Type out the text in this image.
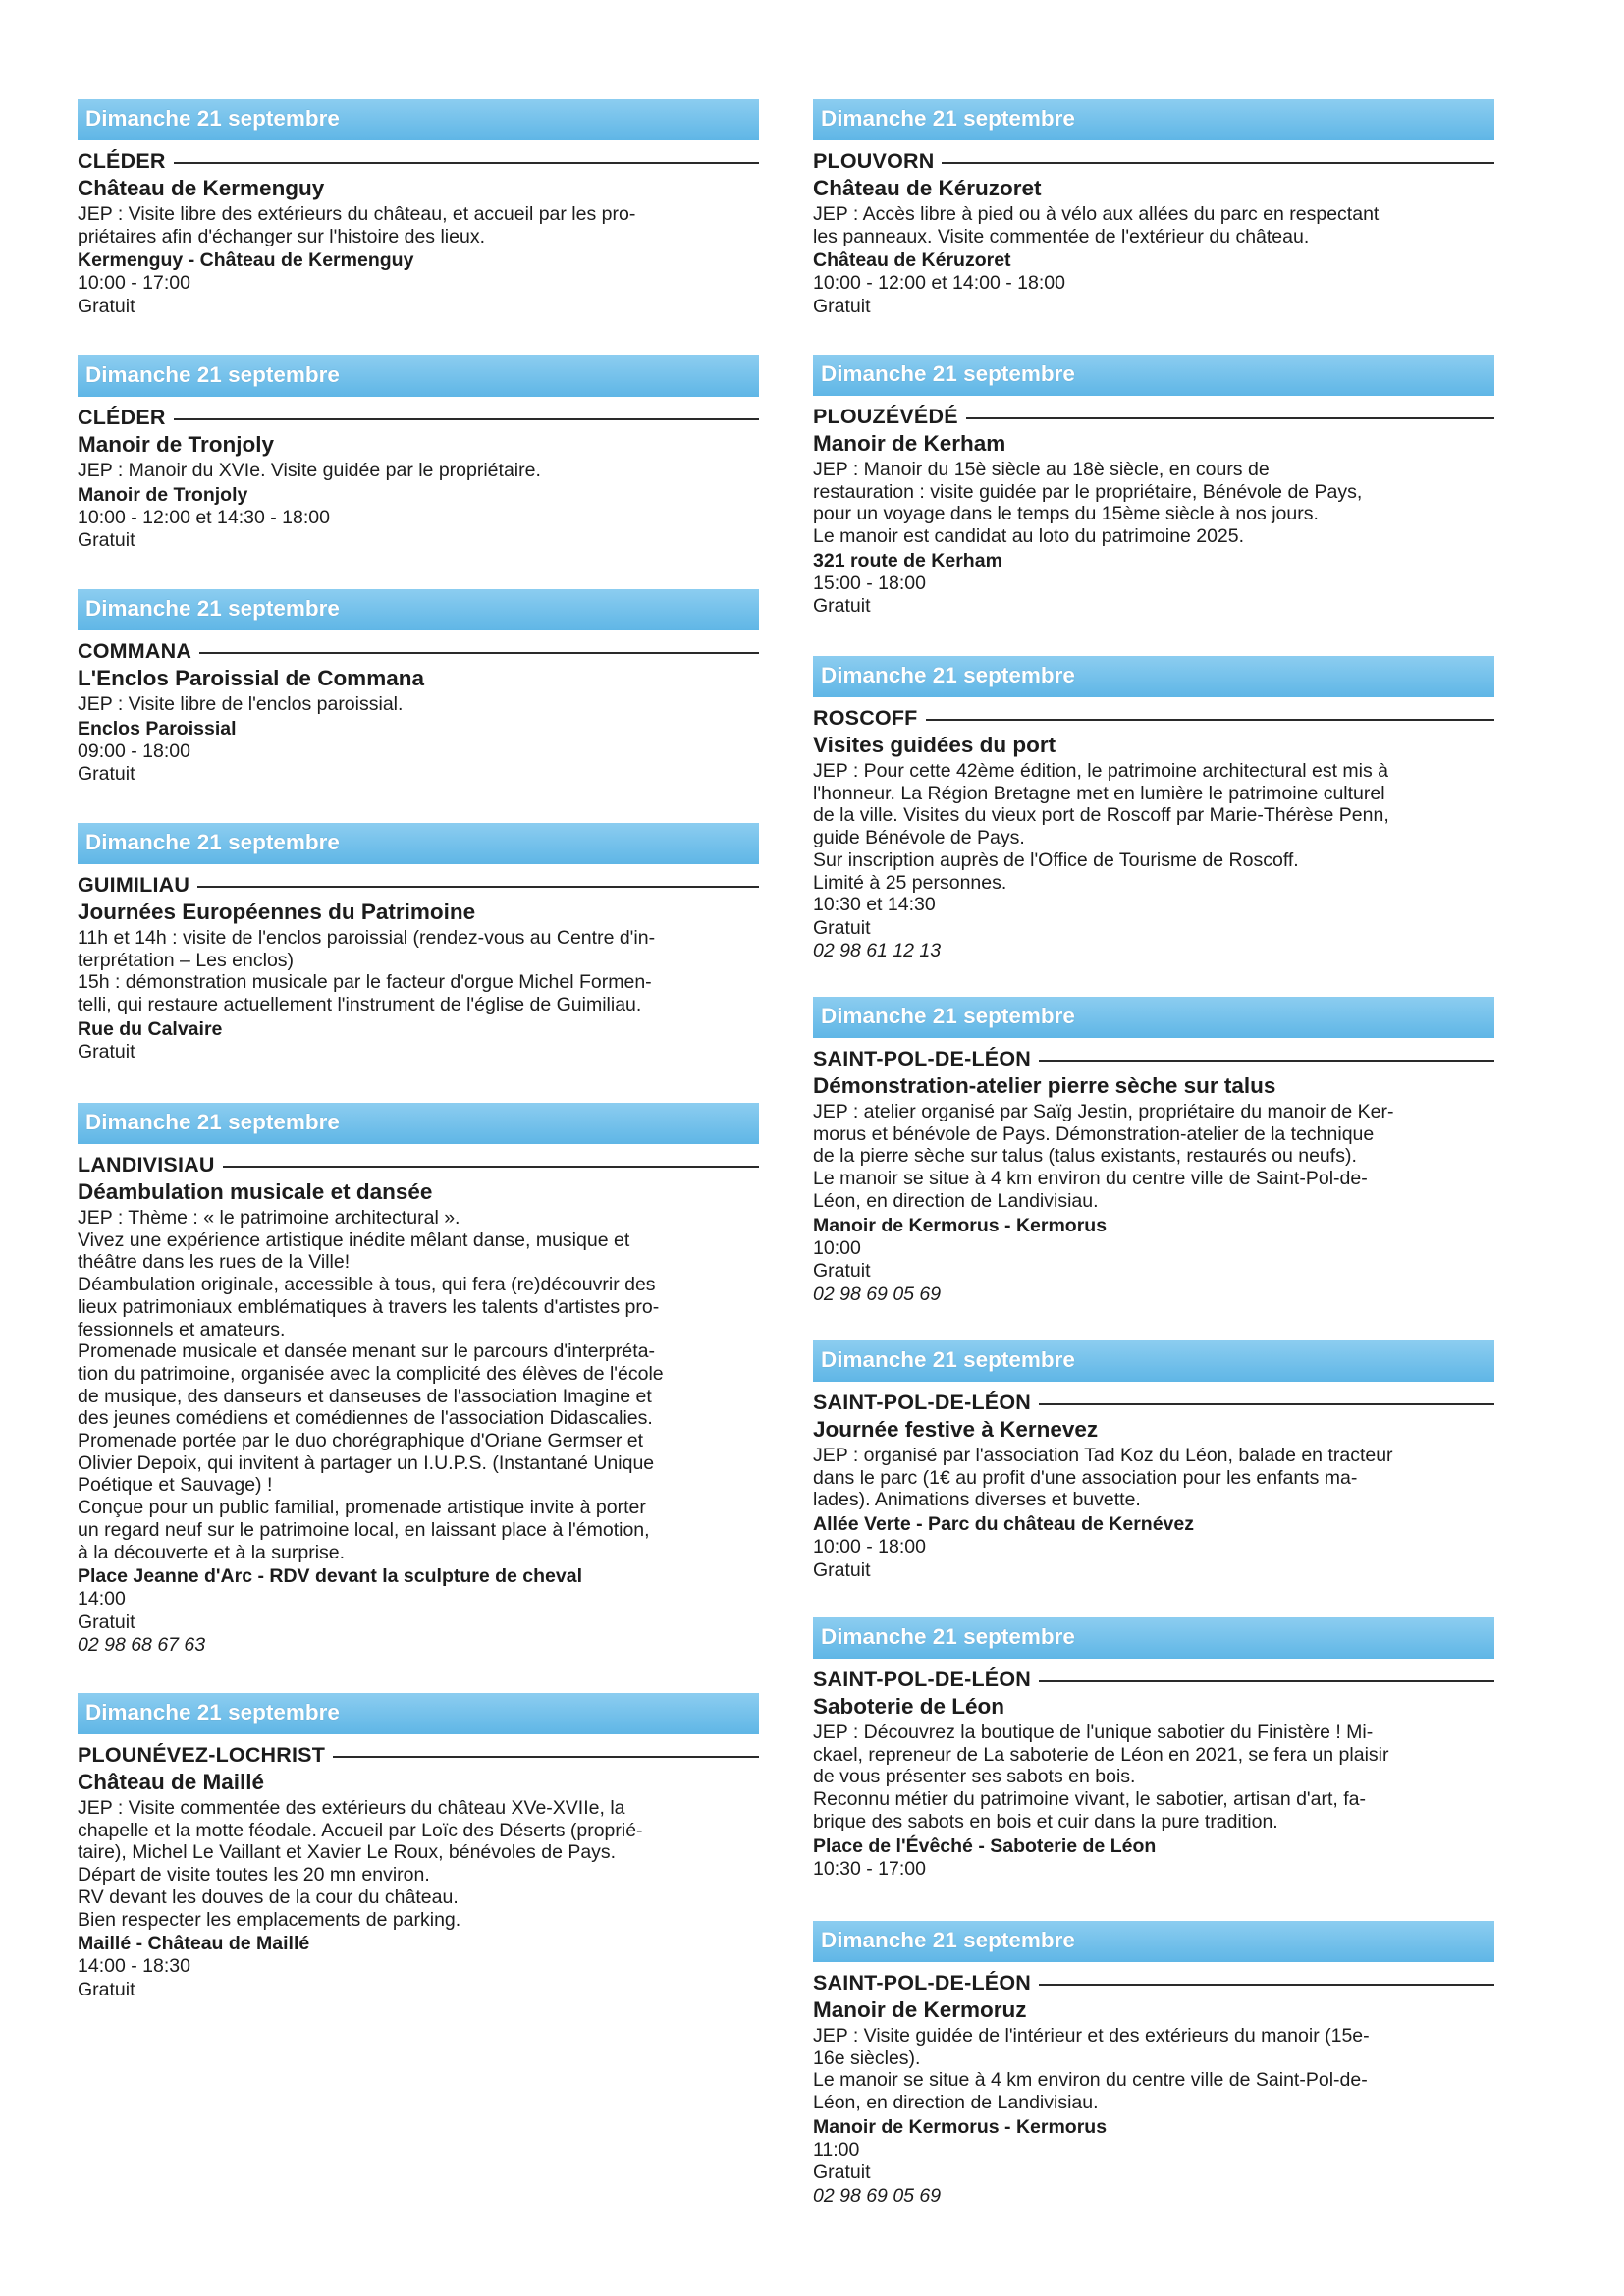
Dimanche 21 septembre
CLÉDER
Château de Kermenguy
JEP : Visite libre des extérieurs du château, et accueil par les pro-
priétaires afin d'échanger sur l'histoire des lieux.
Kermenguy - Château de Kermenguy
10:00 - 17:00
Gratuit
Dimanche 21 septembre
CLÉDER
Manoir de Tronjoly
JEP : Manoir du XVIe. Visite guidée par le propriétaire.
Manoir de Tronjoly
10:00 - 12:00 et 14:30 - 18:00
Gratuit
Dimanche 21 septembre
COMMANA
L'Enclos Paroissial de Commana
JEP : Visite libre de l'enclos paroissial.
Enclos Paroissial
09:00 - 18:00
Gratuit
Dimanche 21 septembre
GUIMILIAU
Journées Européennes du Patrimoine
11h et 14h : visite de l'enclos paroissial (rendez-vous au Centre d'in-
terprétation – Les enclos)
15h : démonstration musicale par le facteur d'orgue Michel Formen-
telli, qui restaure actuellement l'instrument de l'église de Guimiliau.
Rue du Calvaire
Gratuit
Dimanche 21 septembre
LANDIVISIAU
Déambulation musicale et dansée
JEP : Thème : « le patrimoine architectural ».
Vivez une expérience artistique inédite mêlant danse, musique et
théâtre dans les rues de la Ville!
Déambulation originale, accessible à tous, qui fera (re)découvrir des
lieux patrimoniaux emblématiques à travers les talents d'artistes pro-
fessionnels et amateurs.
Promenade musicale et dansée menant sur le parcours d'interpréta-
tion du patrimoine, organisée avec la complicité des élèves de l'école
de musique, des danseurs et danseuses de l'association Imagine et
des jeunes comédiens et comédiennes de l'association Didascalies.
Promenade portée par le duo chorégraphique d'Oriane Germser et
Olivier Depoix, qui invitent à partager un I.U.P.S. (Instantané Unique
Poétique et Sauvage) !
Conçue pour un public familial, promenade artistique invite à porter
un regard neuf sur le patrimoine local, en laissant place à l'émotion,
à la découverte et à la surprise.
Place Jeanne d'Arc - RDV devant la sculpture de cheval
14:00
Gratuit
02 98 68 67 63
Dimanche 21 septembre
PLOUNÉVEZ-LOCHRIST
Château de Maillé
JEP : Visite commentée des extérieurs du château XVe-XVIIe, la
chapelle et la motte féodale. Accueil par Loïc des Déserts (proprié-
taire), Michel Le Vaillant et Xavier Le Roux, bénévoles de Pays.
Départ de visite toutes les 20 mn environ.
RV devant les douves de la cour du château.
Bien respecter les emplacements de parking.
Maillé - Château de Maillé
14:00 - 18:30
Gratuit
Dimanche 21 septembre
PLOUVORN
Château de Kéruzoret
JEP : Accès libre à pied ou à vélo aux allées du parc en respectant
les panneaux. Visite commentée de l'extérieur du château.
Château de Kéruzoret
10:00 - 12:00 et 14:00 - 18:00
Gratuit
Dimanche 21 septembre
PLOUZÉVÉDÉ
Manoir de Kerham
JEP : Manoir du 15è siècle au 18è siècle, en cours de
restauration : visite guidée par le propriétaire, Bénévole de Pays,
pour un voyage dans le temps du 15ème siècle à nos jours.
Le manoir est candidat au loto du patrimoine 2025.
321 route de Kerham
15:00 - 18:00
Gratuit
Dimanche 21 septembre
ROSCOFF
Visites guidées du port
JEP : Pour cette 42ème édition, le patrimoine architectural est mis à
l'honneur. La Région Bretagne met en lumière le patrimoine culturel
de la ville. Visites du vieux port de Roscoff par Marie-Thérèse Penn,
guide Bénévole de Pays.
Sur inscription auprès de l'Office de Tourisme de Roscoff.
Limité à 25 personnes.
10:30 et 14:30
Gratuit
02 98 61 12 13
Dimanche 21 septembre
SAINT-POL-DE-LÉON
Démonstration-atelier pierre sèche sur talus
JEP : atelier organisé par Saïg Jestin, propriétaire du manoir de Ker-
morus et bénévole de Pays. Démonstration-atelier de la technique
de la pierre sèche sur talus (talus existants, restaurés ou neufs).
Le manoir se situe à 4 km environ du centre ville de Saint-Pol-de-
Léon, en direction de Landivisiau.
Manoir de Kermorus - Kermorus
10:00
Gratuit
02 98 69 05 69
Dimanche 21 septembre
SAINT-POL-DE-LÉON
Journée festive à Kernevez
JEP : organisé par l'association Tad Koz du Léon, balade en tracteur
dans le parc (1€ au profit d'une association pour les enfants ma-
lades). Animations diverses et buvette.
Allée Verte - Parc du château de Kernévez
10:00 - 18:00
Gratuit
Dimanche 21 septembre
SAINT-POL-DE-LÉON
Saboterie de Léon
JEP : Découvrez la boutique de l'unique sabotier du Finistère ! Mi-
ckael, repreneur de La saboterie de Léon en 2021, se fera un plaisir
de vous présenter ses sabots en bois.
Reconnu métier du patrimoine vivant, le sabotier, artisan d'art, fa-
brique des sabots en bois et cuir dans la pure tradition.
Place de l'Évêché - Saboterie de Léon
10:30 - 17:00
Dimanche 21 septembre
SAINT-POL-DE-LÉON
Manoir de Kermoruz
JEP : Visite guidée de l'intérieur et des extérieurs du manoir (15e-
16e siècles).
Le manoir se situe à 4 km environ du centre ville de Saint-Pol-de-
Léon, en direction de Landivisiau.
Manoir de Kermorus - Kermorus
11:00
Gratuit
02 98 69 05 69
